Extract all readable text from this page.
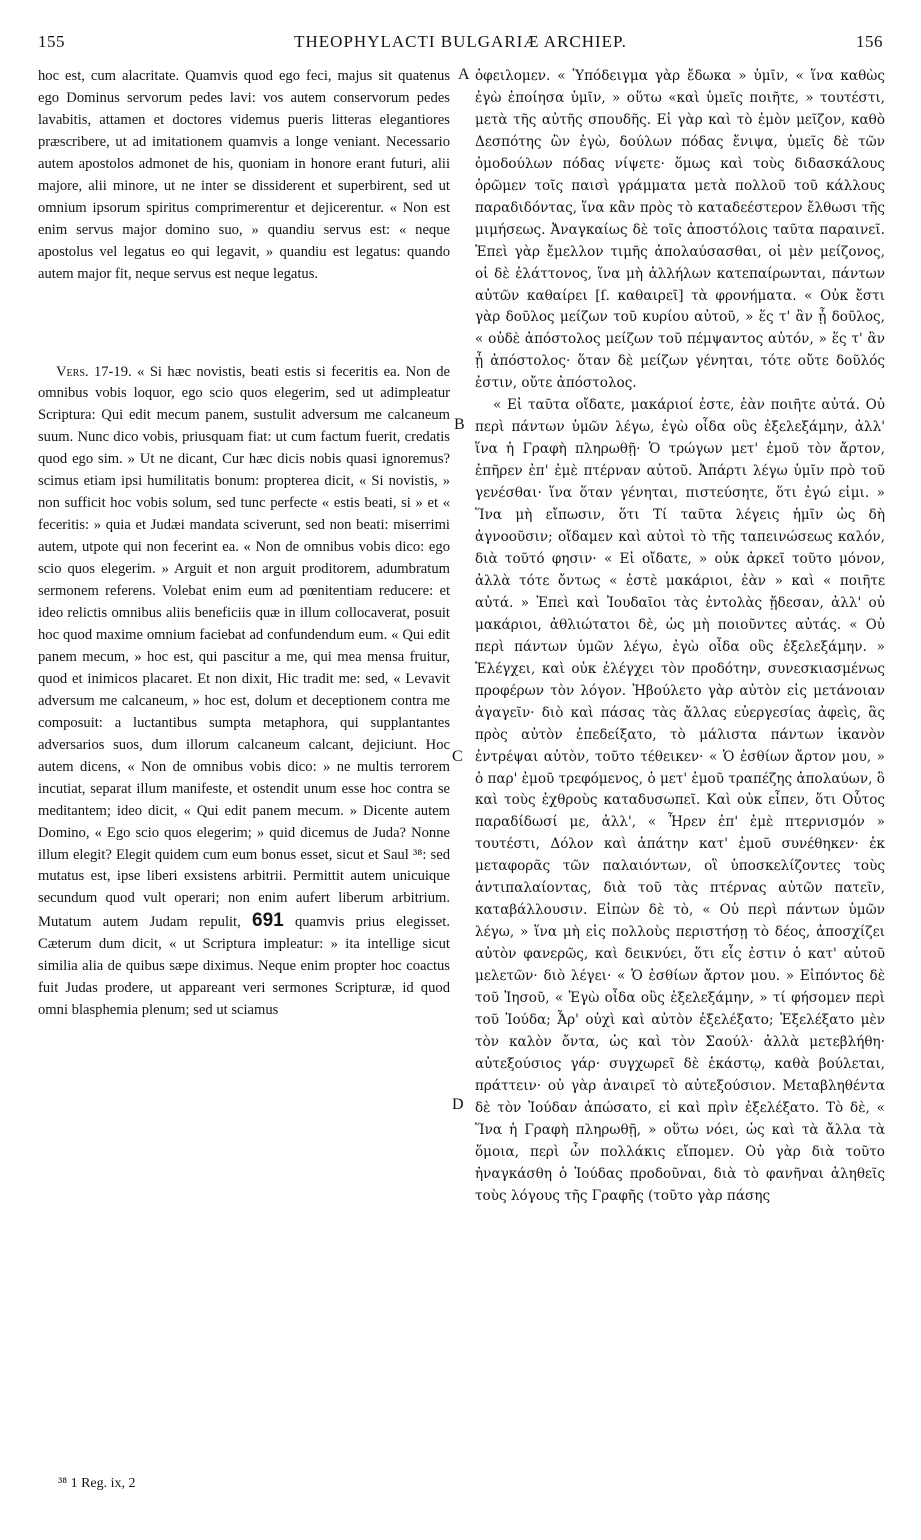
155	THEOPHYLACTI BULGARIÆ ARCHIEP.	156

hoc est, cum alacritate. Quamvis quod ego feci, majus sit quatenus ego Dominus servorum pedes lavi: vos autem conservorum pedes lavabitis, attamen et doctores videmus pueris litteras elegantiores præscribere, ut ad imitationem quamvis a longe veniant. Necessario autem apostolos admonet de his, quoniam in honore erant futuri, alii majore, alii minore, ut ne inter se dissiderent et superbirent, sed ut omnium ipsorum spiritus comprimerentur et dejicerentur. « Non est enim servus major domino suo, » quandiu servus est: « neque apostolus vel legatus eo qui legavit, » quandiu est legatus: quando autem major fit, neque servus est neque legatus.

Vers. 17-19. « Si hæc novistis, beati estis si feceritis ea. Non de omnibus vobis loquor, ego scio quos elegerim, sed ut adimpleatur Scriptura: Qui edit mecum panem, sustulit adversum me calcaneum suum. Nunc dico vobis, priusquam fiat: ut cum factum fuerit, credatis quod ego sim. » Ut ne dicant, Cur hæc dicis nobis quasi ignoremus? scimus etiam ipsi humilitatis bonum: propterea dicit, « Si novistis, » non sufficit hoc vobis solum, sed tunc perfecte « estis beati, si » et « feceritis: » quia et Judæi mandata sciverunt, sed non beati: miserrimi autem, utpote qui non fecerint ea. « Non de omnibus vobis dico: ego scio quos elegerim. » Arguit et non arguit proditorem, adumbratum sermonem referens. Volebat enim eum ad pœnitentiam reducere: et ideo relictis omnibus aliis beneficiis quæ in illum collocaverat, posuit hoc quod maxime omnium faciebat ad confundendum eum. « Qui edit panem mecum, » hoc est, qui pascitur a me, qui mea mensa fruitur, quod et inimicos placaret. Et non dixit, Hic tradit me: sed, « Levavit adversum me calcaneum, » hoc est, dolum et deceptionem contra me composuit: a luctantibus sumpta metaphora, qui supplantantes adversarios suos, dum illorum calcaneum calcant, dejiciunt. Hoc autem dicens, « Non de omnibus vobis dico: » ne multis terrorem incutiat, separat illum manifeste, et ostendit unum esse hoc contra se meditantem; ideo dicit, « Qui edit panem mecum. » Dicente autem Domino, « Ego scio quos elegerim; » quid dicemus de Juda? Nonne illum elegit? Elegit quidem cum eum bonus esset, sicut et Saul ³⁸: sed mutatus est, ipse liberi exsistens arbitrii. Permittit autem unicuique secundum quod vult operari; non enim aufert liberum arbitrium. Mutatum autem Judam repulit, 691 quamvis prius elegisset. Cæterum dum dicit, « ut Scriptura impleatur: » ita intellige sicut similia alia de quibus sæpe diximus. Neque enim propter hoc coactus fuit Judas prodere, ut appareant veri sermones Scripturæ, id quod omni blasphemia plenum; sed ut sciamus

ὀφειλομεν. « Ὑπόδειγμα γὰρ ἔδωκα » ὑμῖν, « ἵνα καθὼς ἐγὼ ἐποίησα ὑμῖν, » οὕτω «καὶ ὑμεῖς ποιῆτε, » τουτέστι, μετὰ τῆς αὐτῆς σπουδῆς. Εἰ γὰρ καὶ τὸ ἐμὸν μεῖζον, καθὸ Δεσπότης ὢν ἐγὼ, δούλων πόδας ἔνιψα, ὑμεῖς δὲ τῶν ὁμοδούλων πόδας νίψετε· ὅμως καὶ τοὺς διδασκάλους ὁρῶμεν τοῖς παισὶ γράμματα μετὰ πολλοῦ τοῦ κάλλους παραδιδόντας, ἵνα κἂν πρὸς τὸ καταδεέστερον ἔλθωσι τῆς μιμήσεως. Ἀναγκαίως δὲ τοῖς ἀποστόλοις ταῦτα παραινεῖ. Ἐπεὶ γὰρ ἔμελλον τιμῆς ἀπολαύσασθαι, οἱ μὲν μείζονος, οἱ δὲ ἐλάττονος, ἵνα μὴ ἀλλήλων κατεπαίρωνται, πάντων αὐτῶν καθαίρει [ſ. καθαιρεῖ] τὰ φρονήματα. « Οὐκ ἔστι γὰρ δοῦλος μείζων τοῦ κυρίου αὐτοῦ, » ἕς τ' ἂν ᾖ δοῦλος, « οὐδὲ ἀπόστολος μείζων τοῦ πέμψαντος αὐτόν, » ἕς τ' ἂν ᾖ ἀπόστολος· ὅταν δὲ μείζων γένηται, τότε οὔτε δοῦλός ἐστιν, οὔτε ἀπόστολος.

« Εἰ ταῦτα οἴδατε, μακάριοί ἐστε, ἐὰν ποιῆτε αὐτά. Οὐ περὶ πάντων ὑμῶν λέγω, ἐγὼ οἶδα οὓς ἐξελεξάμην, ἀλλ' ἵνα ἡ Γραφὴ πληρωθῇ· Ὁ τρώγων μετ' ἐμοῦ τὸν ἄρτον, ἐπῆρεν ἐπ' ἐμὲ πτέρναν αὐτοῦ. Ἀπάρτι λέγω ὑμῖν πρὸ τοῦ γενέσθαι· ἵνα ὅταν γένηται, πιστεύσητε, ὅτι ἐγώ εἰμι. » Ἵνα μὴ εἴπωσιν, ὅτι Τί ταῦτα λέγεις ἡμῖν ὡς δὴ ἀγνοοῦσιν; οἴδαμεν καὶ αὐτοὶ τὸ τῆς ταπεινώσεως καλόν, διὰ τοῦτό φησιν· « Εἰ οἴδατε, » οὐκ ἀρκεῖ τοῦτο μόνον, ἀλλὰ τότε ὄντως « ἐστὲ μακάριοι, ἐὰν » καὶ « ποιῆτε αὐτά. » Ἐπεὶ καὶ Ἰουδαῖοι τὰς ἐντολὰς ᾔδεσαν, ἀλλ' οὐ μακάριοι, ἀθλιώτατοι δὲ, ὡς μὴ ποιοῦντες αὐτάς. « Οὐ περὶ πάντων ὑμῶν λέγω, ἐγὼ οἶδα οὓς ἐξελεξάμην. » Ἐλέγχει, καὶ οὐκ ἐλέγχει τὸν προδότην, συνεσκιασμένως προφέρων τὸν λόγον. Ἠβούλετο γὰρ αὐτὸν εἰς μετάνοιαν ἀγαγεῖν· διὸ καὶ πάσας τὰς ἄλλας εὐεργεσίας ἀφεὶς, ἃς πρὸς αὐτὸν ἐπεδείξατο, τὸ μάλιστα πάντων ἱκανὸν ἐντρέψαι αὐτὸν, τοῦτο τέθεικεν· « Ὁ ἐσθίων ἄρτον μου, » ὁ παρ' ἐμοῦ τρεφόμενος, ὁ μετ' ἐμοῦ τραπέζης ἀπολαύων, ὃ καὶ τοὺς ἐχθροὺς καταδυσωπεῖ. Καὶ οὐκ εἶπεν, ὅτι Οὗτος παραδίδωσί με, ἀλλ', « Ἦρεν ἐπ' ἐμὲ πτερνισμόν » τουτέστι, Δόλον καὶ ἀπάτην κατ' ἐμοῦ συνέθηκεν· ἐκ μεταφορᾶς τῶν παλαιόντων, οἳ ὑποσκελίζοντες τοὺς ἀντιπαλαίοντας, διὰ τοῦ τὰς πτέρνας αὐτῶν πατεῖν, καταβάλλουσιν. Εἰπὼν δὲ τὸ, « Οὐ περὶ πάντων ὑμῶν λέγω, » ἵνα μὴ εἰς πολλοὺς περιστήσῃ τὸ δέος, ἀποσχίζει αὐτὸν φανερῶς, καὶ δεικνύει, ὅτι εἷς ἐστιν ὁ κατ' αὐτοῦ μελετῶν· διὸ λέγει· « Ὁ ἐσθίων ἄρτον μου. » Εἰπόντος δὲ τοῦ Ἰησοῦ, « Ἐγὼ οἶδα οὓς ἐξελεξάμην, » τί φήσομεν περὶ τοῦ Ἰούδα; Ἆρ' οὐχὶ καὶ αὐτὸν ἐξελέξατο; Ἐξελέξατο μὲν τὸν καλὸν ὄντα, ὡς καὶ τὸν Σαούλ· ἀλλὰ μετεβλήθη· αὐτεξούσιος γάρ· συγχωρεῖ δὲ ἑκάστῳ, καθὰ βούλεται, πράττειν· οὐ γὰρ ἀναιρεῖ τὸ αὐτεξούσιον. Μεταβληθέντα δὲ τὸν Ἰούδαν ἀπώσατο, εἰ καὶ πρὶν ἐξελέξατο. Τὸ δὲ, « Ἵνα ἡ Γραφὴ πληρωθῇ, » οὕτω νόει, ὡς καὶ τὰ ἄλλα τὰ ὅμοια, περὶ ὧν πολλάκις εἴπομεν. Οὐ γὰρ διὰ τοῦτο ἠναγκάσθη ὁ Ἰούδας προδοῦναι, διὰ τὸ φανῆναι ἀληθεῖς τοὺς λόγους τῆς Γραφῆς (τοῦτο γὰρ πάσης

A
B
C
D
³⁸ 1 Reg. ix, 2
